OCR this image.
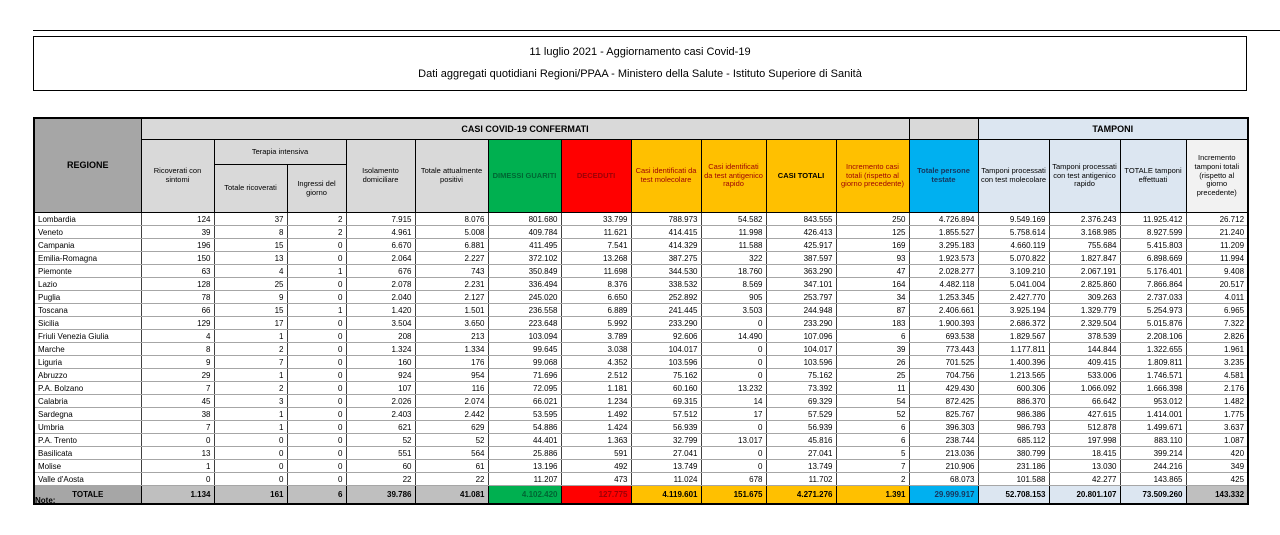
11 luglio 2021 - Aggiornamento casi Covid-19
Dati aggregati quotidiani Regioni/PPAA - Ministero della Salute - Istituto Superiore di Sanità
REGIONE	CASI COVID-19 CONFERMATI												TAMPONI			
	Ricoverati con sintomi	Terapia intensiva		Isolamento domiciliare	Totale attualmente positivi	DIMESSI GUARITI	DECEDUTI	Casi identificati da test molecolare	Casi identificati da test antigenico rapido	CASI TOTALI	Incremento casi totali (rispetto al giorno precedente)	Totale persone testate	Tamponi processati con test molecolare	Tamponi processati con test antigenico rapido	TOTALE tamponi effettuati	Incremento tamponi totali (rispetto al giorno precedente)
		Totale ricoverati	Ingressi del giorno													
Lombardia	124	37	2	7.915	8.076	801.680	33.799	788.973	54.582	843.555	250	4.726.894	9.549.169	2.376.243	11.925.412	26.712
Veneto	39	8	2	4.961	5.008	409.784	11.621	414.415	11.998	426.413	125	1.855.527	5.758.614	3.168.985	8.927.599	21.240
Campania	196	15	0	6.670	6.881	411.495	7.541	414.329	11.588	425.917	169	3.295.183	4.660.119	755.684	5.415.803	11.209
Emilia-Romagna	150	13	0	2.064	2.227	372.102	13.268	387.275	322	387.597	93	1.923.573	5.070.822	1.827.847	6.898.669	11.994
Piemonte	63	4	1	676	743	350.849	11.698	344.530	18.760	363.290	47	2.028.277	3.109.210	2.067.191	5.176.401	9.408
Lazio	128	25	0	2.078	2.231	336.494	8.376	338.532	8.569	347.101	164	4.482.118	5.041.004	2.825.860	7.866.864	20.517
Puglia	78	9	0	2.040	2.127	245.020	6.650	252.892	905	253.797	34	1.253.345	2.427.770	309.263	2.737.033	4.011
Toscana	66	15	1	1.420	1.501	236.558	6.889	241.445	3.503	244.948	87	2.406.661	3.925.194	1.329.779	5.254.973	6.965
Sicilia	129	17	0	3.504	3.650	223.648	5.992	233.290	0	233.290	183	1.900.393	2.686.372	2.329.504	5.015.876	7.322
Friuli Venezia Giulia	4	1	0	208	213	103.094	3.789	92.606	14.490	107.096	6	693.538	1.829.567	378.539	2.208.106	2.826
Marche	8	2	0	1.324	1.334	99.645	3.038	104.017	0	104.017	39	773.443	1.177.811	144.844	1.322.655	1.961
Liguria	9	7	0	160	176	99.068	4.352	103.596	0	103.596	26	701.525	1.400.396	409.415	1.809.811	3.235
Abruzzo	29	1	0	924	954	71.696	2.512	75.162	0	75.162	25	704.756	1.213.565	533.006	1.746.571	4.581
P.A. Bolzano	7	2	0	107	116	72.095	1.181	60.160	13.232	73.392	11	429.430	600.306	1.066.092	1.666.398	2.176
Calabria	45	3	0	2.026	2.074	66.021	1.234	69.315	14	69.329	54	872.425	886.370	66.642	953.012	1.482
Sardegna	38	1	0	2.403	2.442	53.595	1.492	57.512	17	57.529	52	825.767	986.386	427.615	1.414.001	1.775
Umbria	7	1	0	621	629	54.886	1.424	56.939	0	56.939	6	396.303	986.793	512.878	1.499.671	3.637
P.A. Trento	0	0	0	52	52	44.401	1.363	32.799	13.017	45.816	6	238.744	685.112	197.998	883.110	1.087
Basilicata	13	0	0	551	564	25.886	591	27.041	0	27.041	5	213.036	380.799	18.415	399.214	420
Molise	1	0	0	60	61	13.196	492	13.749	0	13.749	7	210.906	231.186	13.030	244.216	349
Valle d'Aosta	0	0	0	22	22	11.207	473	11.024	678	11.702	2	68.073	101.588	42.277	143.865	425
TOTALE	1.134	161	6	39.786	41.081	4.102.420	127.775	4.119.601	151.675	4.271.276	1.391	29.999.917	52.708.153	20.801.107	73.509.260	143.332
Note:
